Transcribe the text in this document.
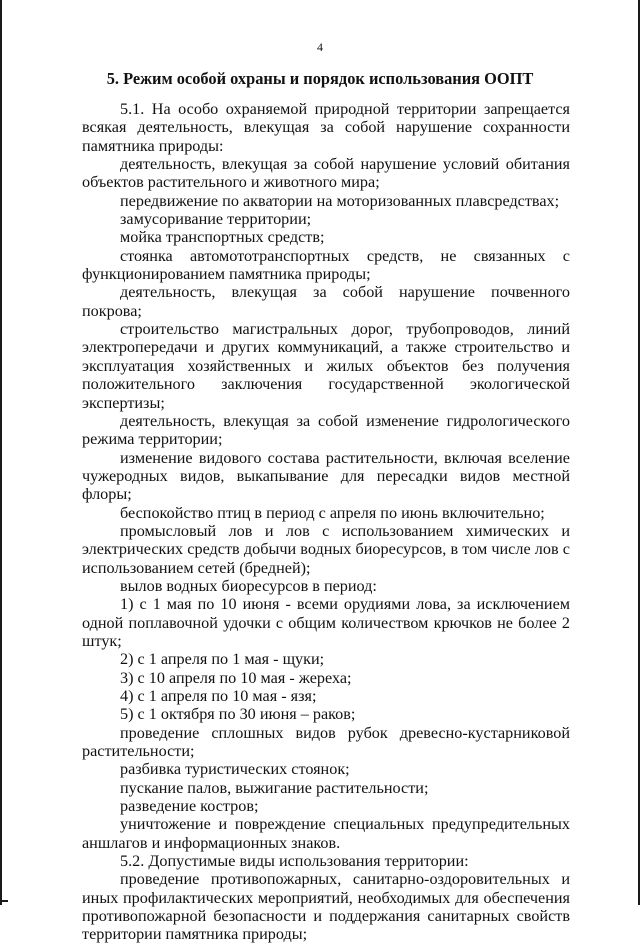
4
5. Режим особой охраны и порядок использования ООПТ

5.1. На особо охраняемой природной территории запрещается всякая деятельность, влекущая за собой нарушение сохранности памятника природы:

деятельность, влекущая за собой нарушение условий обитания объектов растительного и животного мира;

передвижение по акватории на моторизованных плавсредствах;

замусоривание территории;

мойка транспортных средств;

стоянка автомототранспортных средств, не связанных с функционированием памятника природы;

деятельность, влекущая за собой нарушение почвенного покрова;

строительство магистральных дорог, трубопроводов, линий электропередачи и других коммуникаций, а также строительство и эксплуатация хозяйственных и жилых объектов без получения положительного заключения государственной экологической экспертизы;

деятельность, влекущая за собой изменение гидрологического режима территории;

изменение видового состава растительности, включая вселение чужеродных видов, выкапывание для пересадки видов местной флоры;

беспокойство птиц в период с апреля по июнь включительно;

промысловый лов и лов с использованием химических и электрических средств добычи водных биоресурсов, в том числе лов с использованием сетей (бредней);

вылов водных биоресурсов в период:

1) с 1 мая по 10 июня - всеми орудиями лова, за исключением одной поплавочной удочки с общим количеством крючков не более 2 штук;

2) с 1 апреля по 1 мая - щуки;

3) с 10 апреля по 10 мая - жереха;

4) с 1 апреля по 10 мая - язя;

5) с 1 октября по 30 июня – раков;

проведение сплошных видов рубок древесно-кустарниковой растительности;

разбивка туристических стоянок;

пускание палов, выжигание растительности;

разведение костров;

уничтожение и повреждение специальных предупредительных аншлагов и информационных знаков.

5.2. Допустимые виды использования территории:

проведение противопожарных, санитарно-оздоровительных и иных профилактических мероприятий, необходимых для обеспечения противопожарной безопасности и поддержания санитарных свойств территории памятника природы;
